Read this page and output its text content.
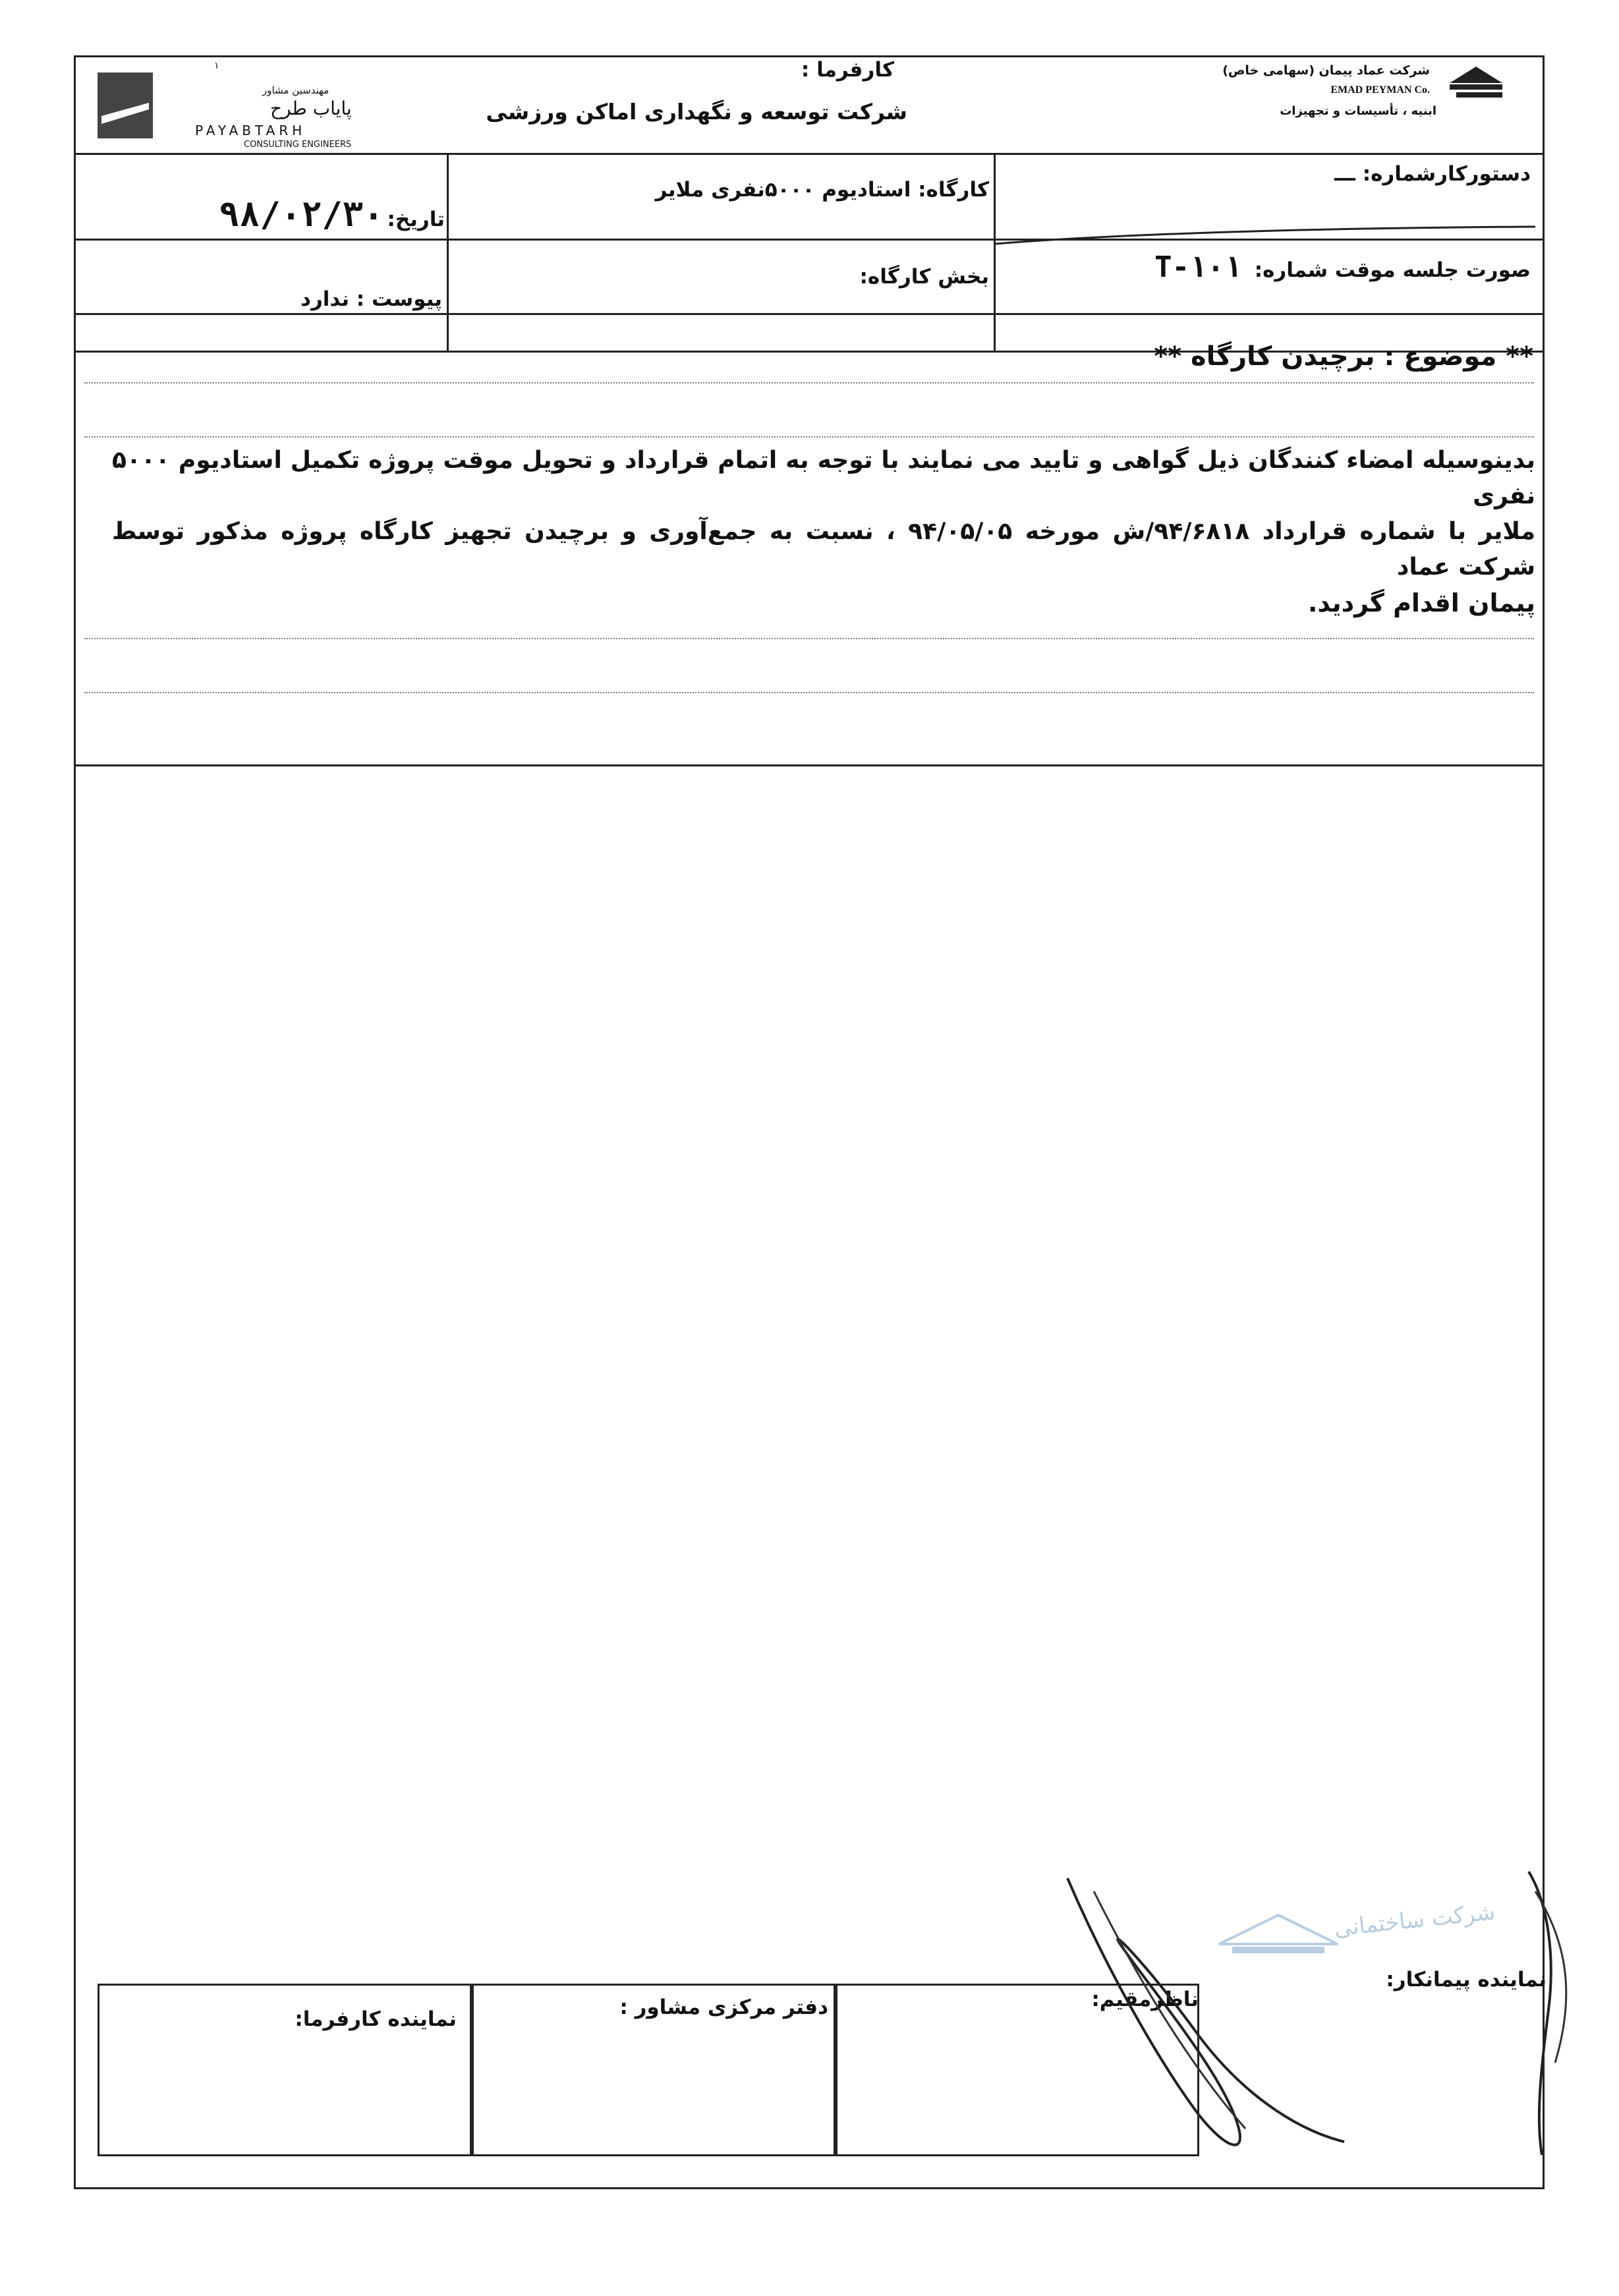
شرکت عماد پیمان (سهامی خاص)
EMAD PEYMAN Co.
ابنیه ، تأسیسات و تجهیزات
کارفرما :
شرکت توسعه و نگهداری اماکن ورزشی
۱
مهندسین مشاور
پایاب طرح
PAYABTARH
CONSULTING ENGINEERS
دستورکارشماره: ـــ
کارگاه: استادیوم ۵۰۰۰نفری ملایر
تاریخ: ۹۸/۰۲/۳۰
صورت جلسه موقت شماره: T-۱۰۱
بخش کارگاه:
پیوست : ندارد
** موضوع : برچیدن کارگاه **

بدینوسیله امضاء کنندگان ذیل گواهی و تایید می نمایند با توجه به اتمام قرارداد و تحویل موقت پروژه تکمیل استادیوم ۵۰۰۰ نفری

ملایر با شماره قرارداد ۹۴/۶۸۱۸/ش مورخه ۹۴/۰۵/۰۵ ، نسبت به جمع‌آوری و برچیدن تجهیز کارگاه پروژه مذکور توسط شرکت عماد

پیمان اقدام گردید.

نماینده پیمانکار:
ناظرمقیم:
دفتر مرکزی مشاور :
نماینده کارفرما:
شرکت ساختمانی
